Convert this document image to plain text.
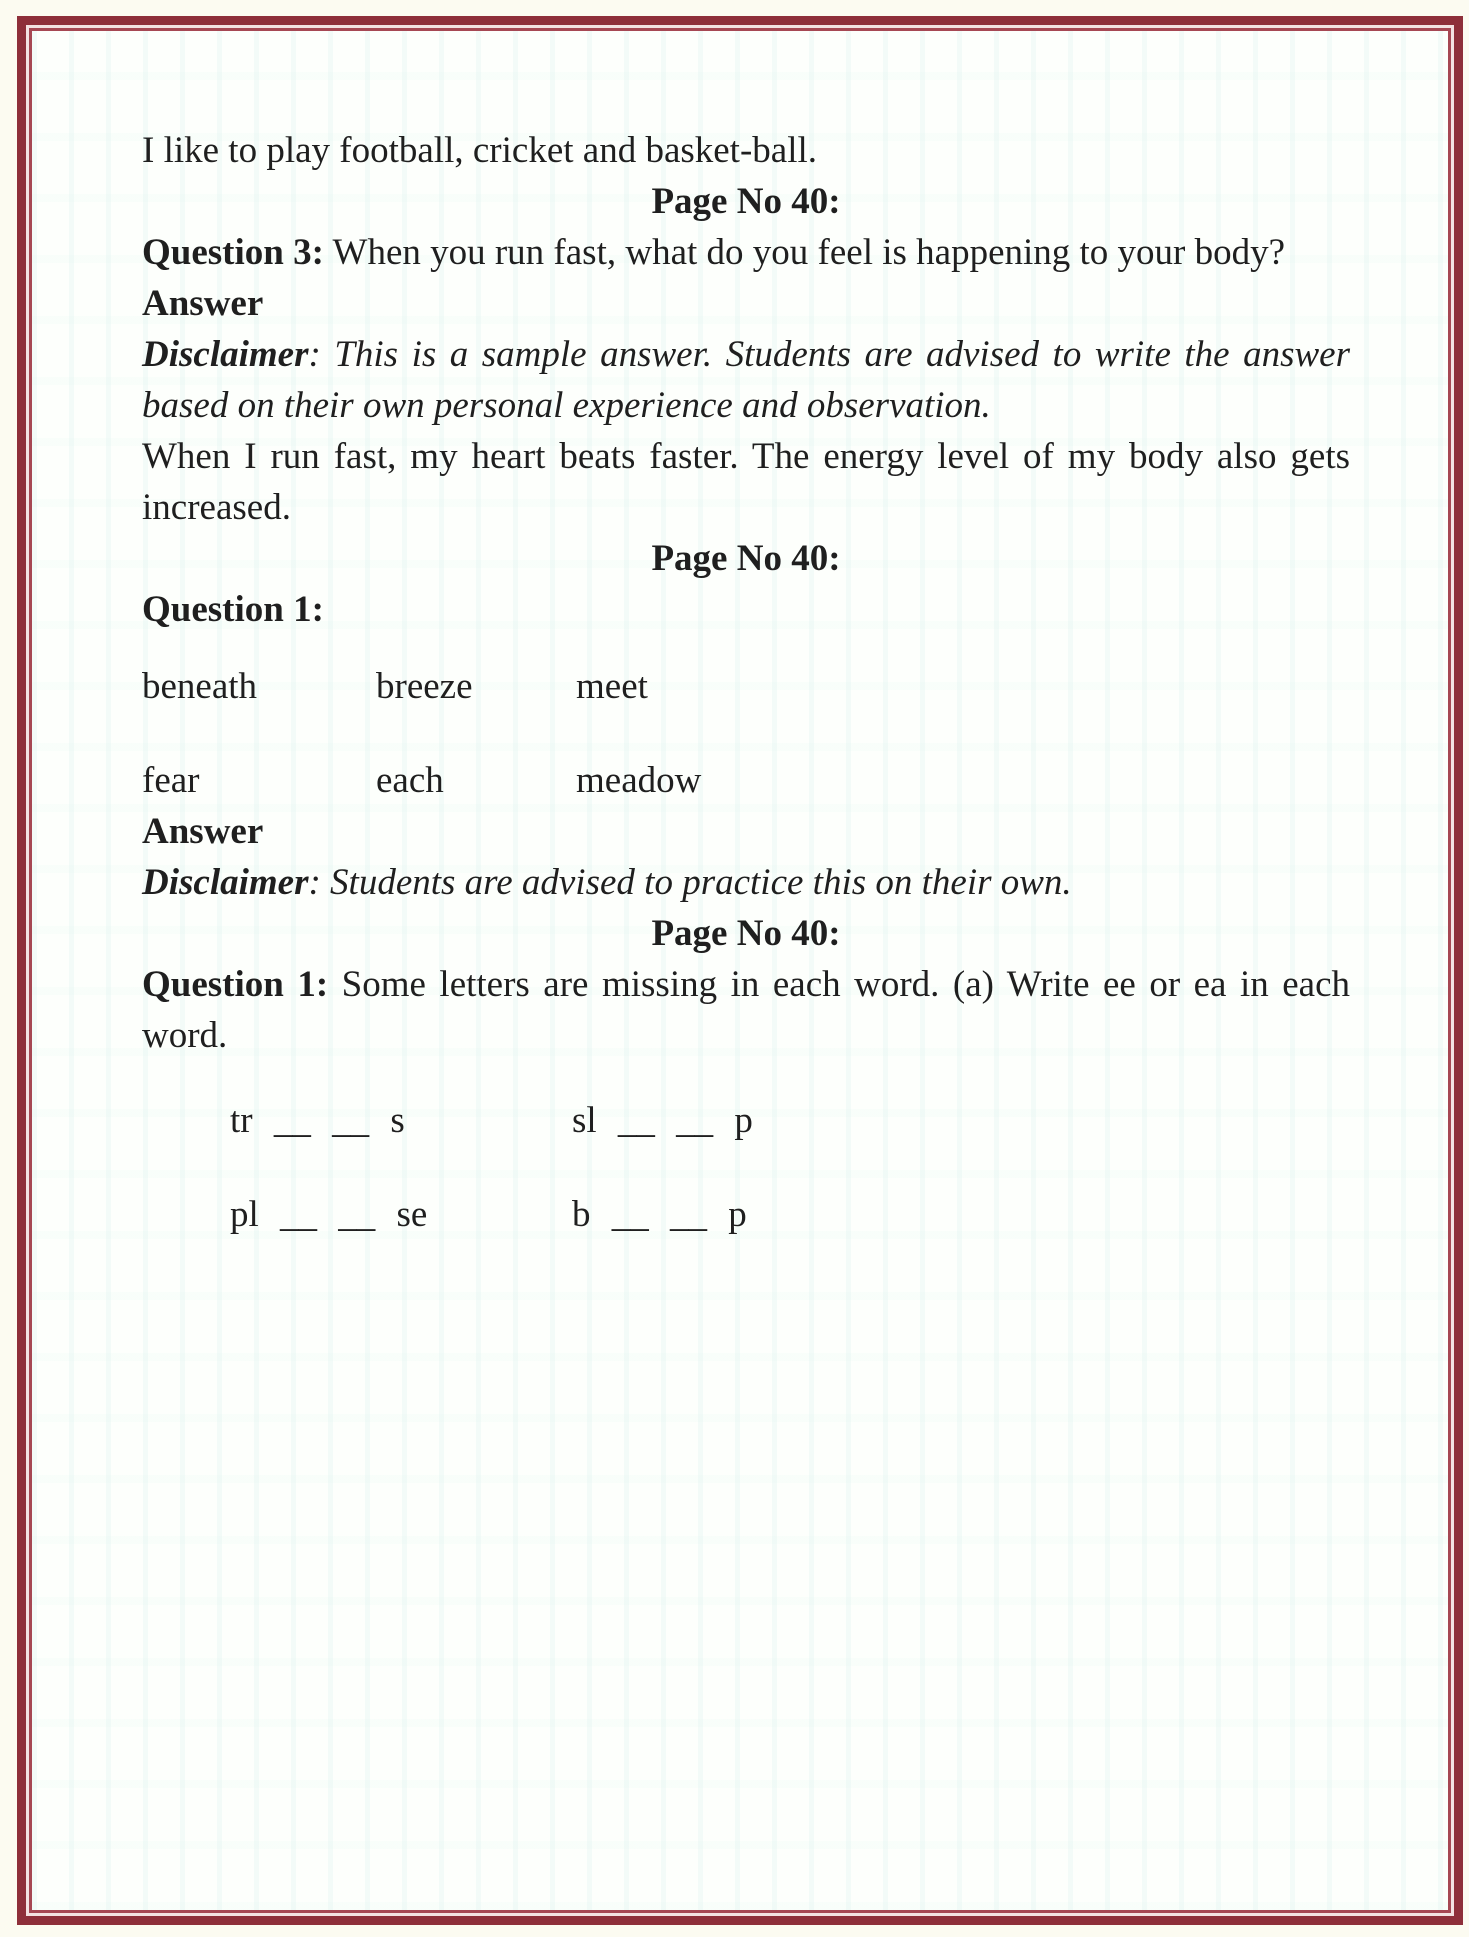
I like to play football, cricket and basket-ball.

Page No 40:

Question 3: When you run fast, what do you feel is happening to your body?

Answer

Disclaimer: This is a sample answer. Students are advised to write the answer based on their own personal experience and observation.

When I run fast, my heart beats faster. The energy level of my body also gets increased.

Page No 40:

Question 1:

beneath	breeze	meet
fear	each	meadow

Answer

Disclaimer: Students are advised to practice this on their own.

Page No 40:

Question 1: Some letters are missing in each word. (a) Write ee or ea in each word.

tr __ __ s	sl __ __ p
pl __ __ se	b __ __ p
